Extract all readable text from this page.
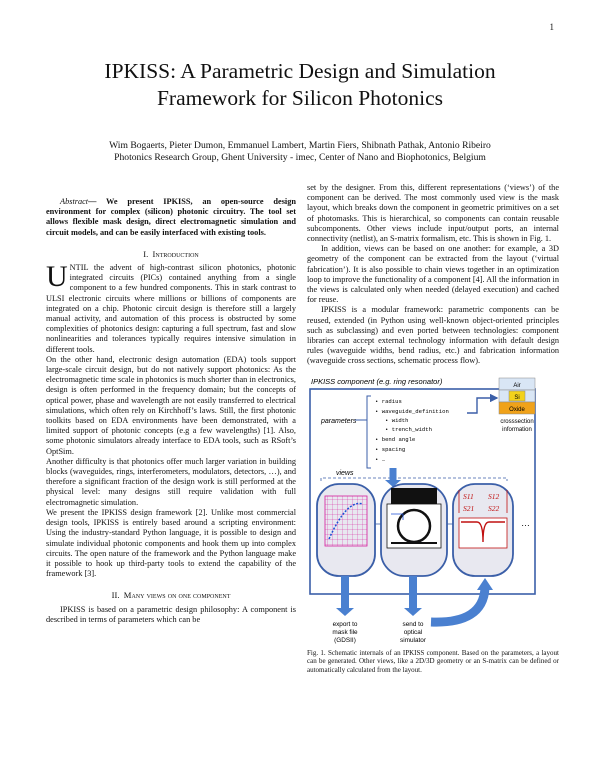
1
IPKISS: A Parametric Design and Simulation
Framework for Silicon Photonics
Wim Bogaerts, Pieter Dumon, Emmanuel Lambert, Martin Fiers, Shibnath Pathak, Antonio Ribeiro
Photonics Research Group, Ghent University - imec, Center of Nano and Biophotonics, Belgium

Abstract— We present IPKISS, an open-source design environment for complex (silicon) photonic circuitry. The tool set allows flexible mask design, direct electromagnetic simulation and circuit models, and can be easily interfaced with existing tools.

I. Introduction

UNTIL the advent of high-contrast silicon photonics, photonic integrated circuits (PICs) contained anything from a single component to a few hundred components. This in stark contrast to ULSI electronic circuits where millions or billions of components are integrated on a chip. Photonic circuit design is therefore still a largely manual activity, and automation of this process is obstructed by some complexities of photonics design: capturing a full spectrum, fast and slow nonlinearities and tolerances typically requires intensive simulation in different tools.

On the other hand, electronic design automation (EDA) tools support large-scale circuit design, but do not natively support photonics: As the electromagnetic time scale in photonics is much shorter than in electronics, design is often performed in the frequency domain; but the concepts of optical power, phase and wavelength are not easily transferred to electrical simulations, which often rely on Kirchhoff’s laws. Still, the first photonic toolkits based on EDA environments have been demonstrated, with a limited support of photonic concepts (e.g a few wavelengths) [1]. Also, some photonic simulators already interface to EDA tools, such as RSoft’s OptSim.

Another difficulty is that photonics offer much larger variation in building blocks (waveguides, rings, interferometers, modulators, detectors, …), and therefore a significant fraction of the design work is still performed at the physical level: many designs still require validation with full electromagnetic simulation.

We present the IPKISS design framework [2]. Unlike most commercial design tools, IPKISS is entirely based around a scripting environment: Using the industry-standard Python language, it is possible to design and simulate individual photonic components and hook them up into complex circuits. The open nature of the framework and the Python language make it possible to hook up third-party tools to extend the capability of the framework [3].

II. Many views on one component

IPKISS is based on a parametric design philosophy: A component is described in terms of parameters which can be

set by the designer. From this, different representations (‘views’) of the component can be derived. The most commonly used view is the mask layout, which breaks down the component in geometric primitives on a set of photomasks. This is hierarchical, so components can contain reusable subcomponents. Other views include input/output ports, an internal connectivity (netlist), an S-matrix formalism, etc. This is shown in Fig. 1.

In addition, views can be based on one another: for example, a 3D geometry of the component can be extracted from the layout (‘virtual fabrication’). It is also possible to chain views together in an optimization loop to improve the functionality of a component [4]. All the information in the views is calculated only when needed (delayed execution) and cached for reuse.

IPKISS is a modular framework: parametric components can be reused, extended (in Python using well-known object-oriented principles such as subclassing) and even ported between technologies: component libraries can accept external technology information with default design rules (waveguide widths, bend radius, etc.) and fabrication information (waveguide cross sections, schematic process flow).

IPKISS component (e.g. ring resonator)
parameters
• radius
• waveguide_definition
• width
• trench_width
• bend angle
• spacing
• …
Air
Si
Oxide
crosssection
information
views
S11 S12
S21 S22
…
export to
mask file
(GDSII)
send to
optical
simulator
Fig. 1. Schematic internals of an IPKISS component. Based on the parameters, a layout can be generated. Other views, like a 2D/3D geometry or an S-matrix can be defined or automatically calculated from the layout.
